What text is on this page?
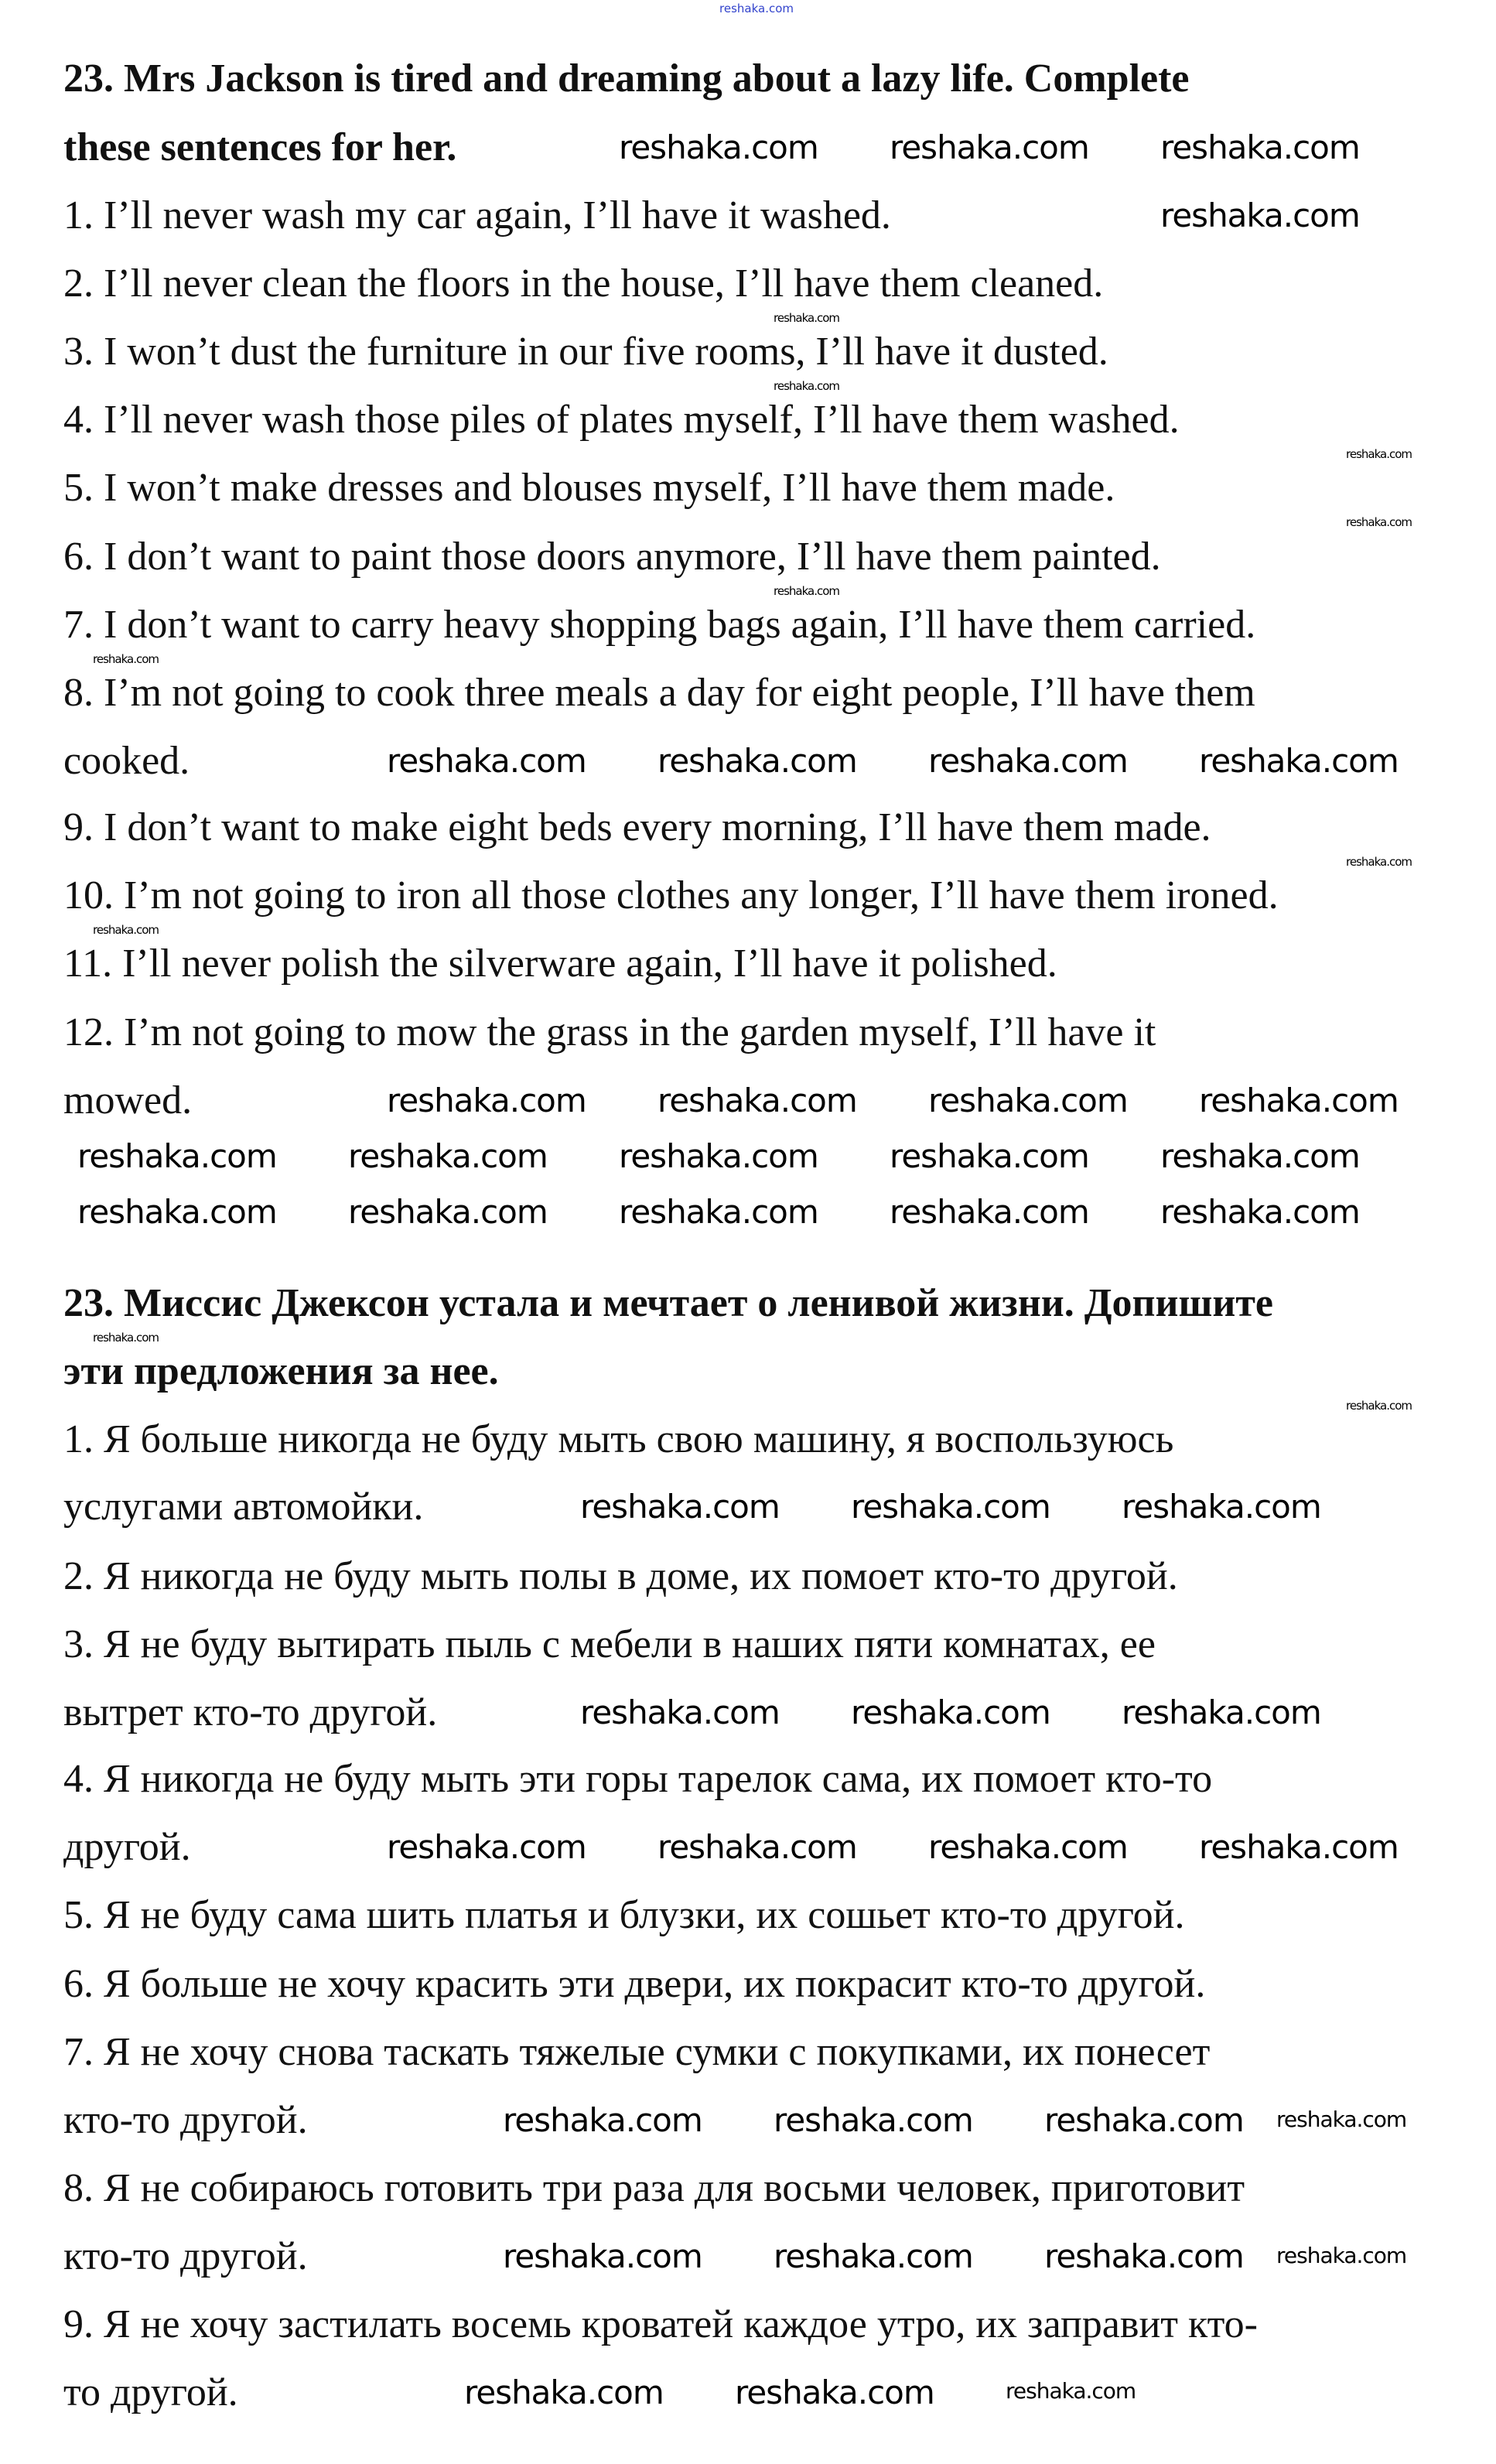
reshaka.com
23. Mrs Jackson is tired and dreaming about a lazy life. Complete
these sentences for her.
1. I’ll never wash my car again, I’ll have it washed.
2. I’ll never clean the floors in the house, I’ll have them cleaned.
3. I won’t dust the furniture in our five rooms, I’ll have it dusted.
4. I’ll never wash those piles of plates myself, I’ll have them washed.
5. I won’t make dresses and blouses myself, I’ll have them made.
6. I don’t want to paint those doors anymore, I’ll have them painted.
7. I don’t want to carry heavy shopping bags again, I’ll have them carried.
8. I’m not going to cook three meals a day for eight people, I’ll have them
cooked.
9. I don’t want to make eight beds every morning, I’ll have them made.
10. I’m not going to iron all those clothes any longer, I’ll have them ironed.
11. I’ll never polish the silverware again, I’ll have it polished.
12. I’m not going to mow the grass in the garden myself, I’ll have it
mowed.
23. Миссис Джексон устала и мечтает о ленивой жизни. Допишите
эти предложения за нее.
1. Я больше никогда не буду мыть свою машину, я воспользуюсь
услугами автомойки.
2. Я никогда не буду мыть полы в доме, их помоет кто-то другой.
3. Я не буду вытирать пыль с мебели в наших пяти комнатах, ее
вытрет кто-то другой.
4. Я никогда не буду мыть эти горы тарелок сама, их помоет кто-то
другой.
5. Я не буду сама шить платья и блузки, их сошьет кто-то другой.
6. Я больше не хочу красить эти двери, их покрасит кто-то другой.
7. Я не хочу снова таскать тяжелые сумки с покупками, их понесет
кто-то другой.
8. Я не собираюсь готовить три раза для восьми человек, приготовит
кто-то другой.
9. Я не хочу застилать восемь кроватей каждое утро, их заправит кто-
то другой.
reshaka.com reshaka.com reshaka.com
reshaka.com
reshaka.com reshaka.com reshaka.com reshaka.com
reshaka.com reshaka.com reshaka.com reshaka.com
reshaka.com reshaka.com reshaka.com reshaka.com reshaka.com
reshaka.com reshaka.com reshaka.com reshaka.com reshaka.com
reshaka.com reshaka.com reshaka.com
reshaka.com reshaka.com reshaka.com
reshaka.com reshaka.com reshaka.com reshaka.com
reshaka.com reshaka.com reshaka.com
reshaka.com reshaka.com reshaka.com
reshaka.com reshaka.com	reshaka.com
reshaka.com
reshaka.com
reshaka.com
reshaka.com
reshaka.com
reshaka.com
reshaka.com
reshaka.com
reshaka.com
reshaka.com
reshaka.com
reshaka.com
